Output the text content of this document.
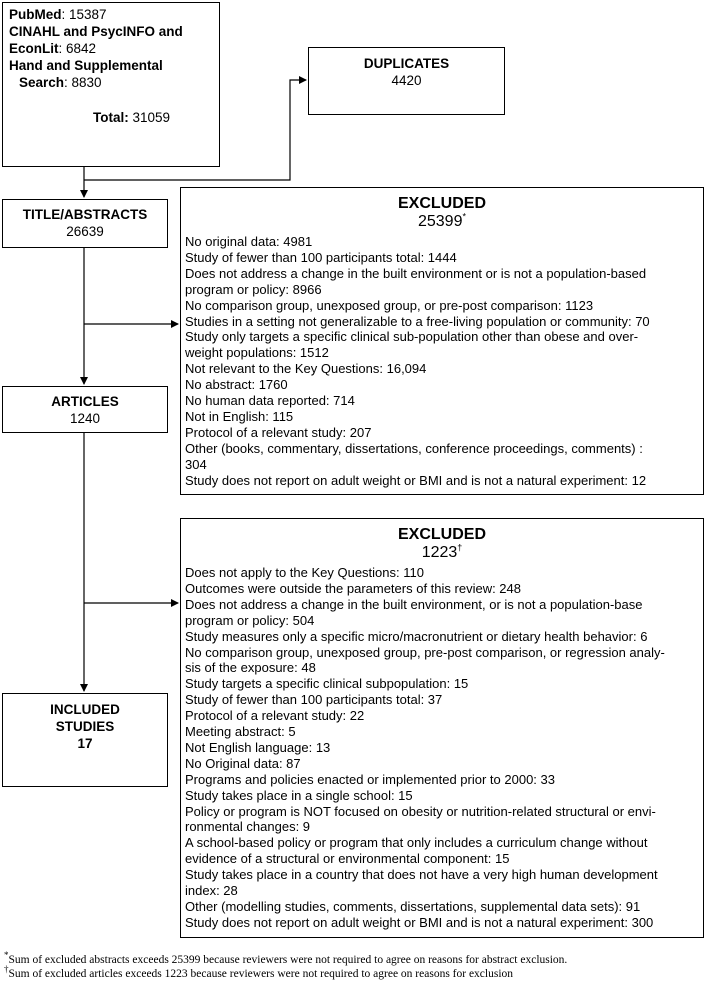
PubMed: 15387
CINAHL and PsycINFO and
EconLit: 6842
Hand and Supplemental
Search: 8830
Total: 31059
DUPLICATES
4420
TITLE/ABSTRACTS
26639
EXCLUDED
25399*
No original data: 4981
Study of fewer than 100 participants total: 1444
Does not address a change in the built environment or is not a population-based
program or policy: 8966
No comparison group, unexposed group, or pre-post comparison: 1123
Studies in a setting not generalizable to a free-living population or community: 70
Study only targets a specific clinical sub-population other than obese and over-
weight populations: 1512
Not relevant to the Key Questions: 16,094
No abstract: 1760
No human data reported: 714
Not in English: 115
Protocol of a relevant study: 207
Other (books, commentary, dissertations, conference proceedings, comments) :
304
Study does not report on adult weight or BMI and is not a natural experiment: 12
ARTICLES
1240
EXCLUDED
1223†
Does not apply to the Key Questions: 110
Outcomes were outside the parameters of this review: 248
Does not address a change in the built environment, or is not a population-base
program or policy: 504
Study measures only a specific micro/macronutrient or dietary health behavior: 6
No comparison group, unexposed group, pre-post comparison, or regression analy-
sis of the exposure: 48
Study targets a specific clinical subpopulation: 15
Study of fewer than 100 participants total: 37
Protocol of a relevant study: 22
Meeting abstract: 5
Not English language: 13
No Original data: 87
Programs and policies enacted or implemented prior to 2000: 33
Study takes place in a single school: 15
Policy or program is NOT focused on obesity or nutrition-related structural or envi-
ronmental changes: 9
A school-based policy or program that only includes a curriculum change without
evidence of a structural or environmental component: 15
Study takes place in a country that does not have a very high human development
index: 28
Other (modelling studies, comments, dissertations, supplemental data sets): 91
Study does not report on adult weight or BMI and is not a natural experiment: 300
INCLUDED
STUDIES
17
*Sum of excluded abstracts exceeds 25399 because reviewers were not required to agree on reasons for abstract exclusion.
†Sum of excluded articles exceeds 1223 because reviewers were not required to agree on reasons for exclusion
